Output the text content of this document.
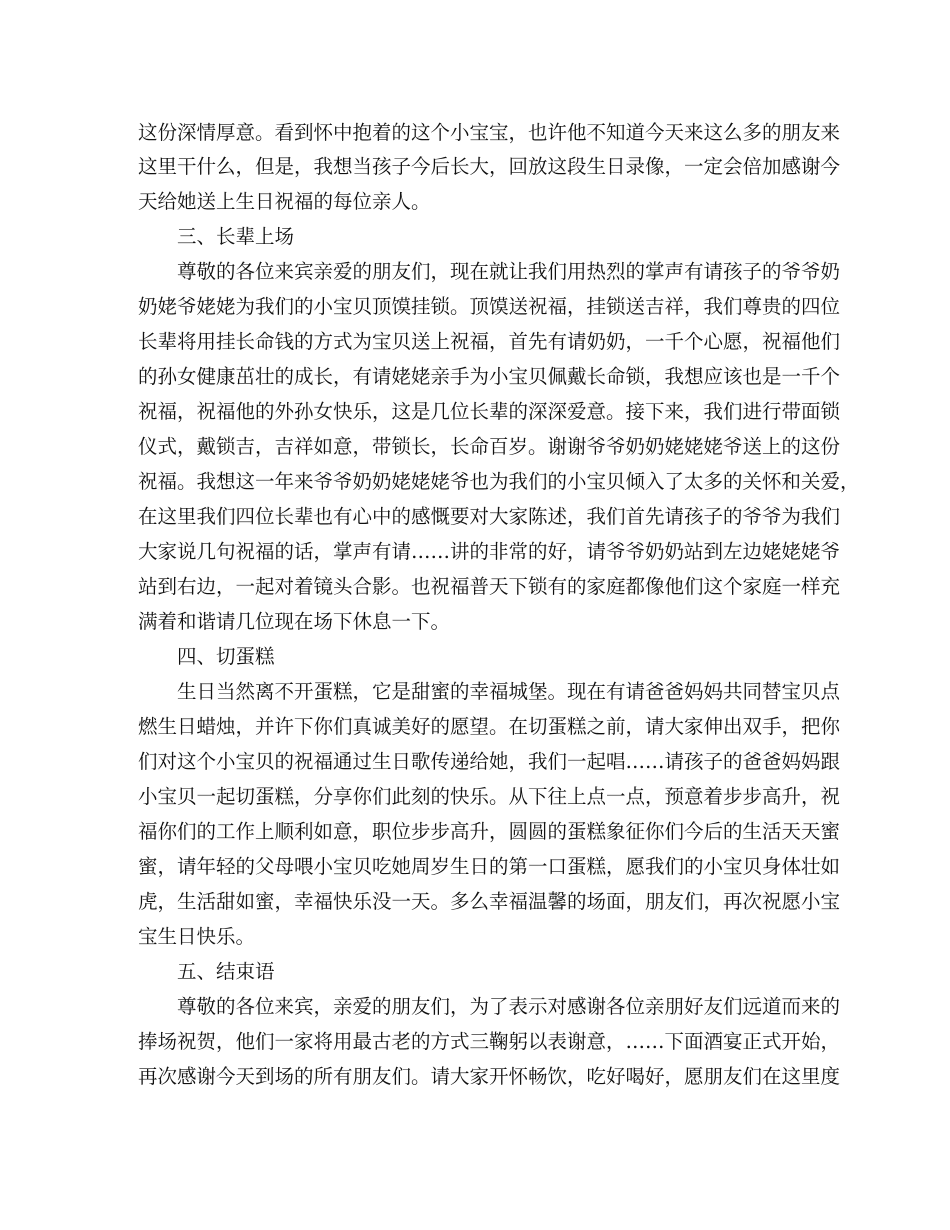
这份深情厚意。看到怀中抱着的这个小宝宝，也许他不知道今天来这么多的朋友来
这里干什么，但是，我想当孩子今后长大，回放这段生日录像，一定会倍加感谢今
天给她送上生日祝福的每位亲人。
三、长辈上场
尊敬的各位来宾亲爱的朋友们，现在就让我们用热烈的掌声有请孩子的爷爷奶
奶姥爷姥姥为我们的小宝贝顶馍挂锁。顶馍送祝福，挂锁送吉祥，我们尊贵的四位
长辈将用挂长命钱的方式为宝贝送上祝福，首先有请奶奶，一千个心愿，祝福他们
的孙女健康茁壮的成长，有请姥姥亲手为小宝贝佩戴长命锁，我想应该也是一千个
祝福，祝福他的外孙女快乐，这是几位长辈的深深爱意。接下来，我们进行带面锁
仪式，戴锁吉，吉祥如意，带锁长，长命百岁。谢谢爷爷奶奶姥姥姥爷送上的这份
祝福。我想这一年来爷爷奶奶姥姥姥爷也为我们的小宝贝倾入了太多的关怀和关爱，
在这里我们四位长辈也有心中的感慨要对大家陈述，我们首先请孩子的爷爷为我们
大家说几句祝福的话，掌声有请……讲的非常的好，请爷爷奶奶站到左边姥姥姥爷
站到右边，一起对着镜头合影。也祝福普天下锁有的家庭都像他们这个家庭一样充
满着和谐请几位现在场下休息一下。
四、切蛋糕
生日当然离不开蛋糕，它是甜蜜的幸福城堡。现在有请爸爸妈妈共同替宝贝点
燃生日蜡烛，并许下你们真诚美好的愿望。在切蛋糕之前，请大家伸出双手，把你
们对这个小宝贝的祝福通过生日歌传递给她，我们一起唱……请孩子的爸爸妈妈跟
小宝贝一起切蛋糕，分享你们此刻的快乐。从下往上点一点，预意着步步高升，祝
福你们的工作上顺利如意，职位步步高升，圆圆的蛋糕象征你们今后的生活天天蜜
蜜，请年轻的父母喂小宝贝吃她周岁生日的第一口蛋糕，愿我们的小宝贝身体壮如
虎，生活甜如蜜，幸福快乐没一天。多么幸福温馨的场面，朋友们，再次祝愿小宝
宝生日快乐。
五、结束语
尊敬的各位来宾，亲爱的朋友们，为了表示对感谢各位亲朋好友们远道而来的
捧场祝贺，他们一家将用最古老的方式三鞠躬以表谢意，……下面酒宴正式开始，
再次感谢今天到场的所有朋友们。请大家开怀畅饮，吃好喝好，愿朋友们在这里度
